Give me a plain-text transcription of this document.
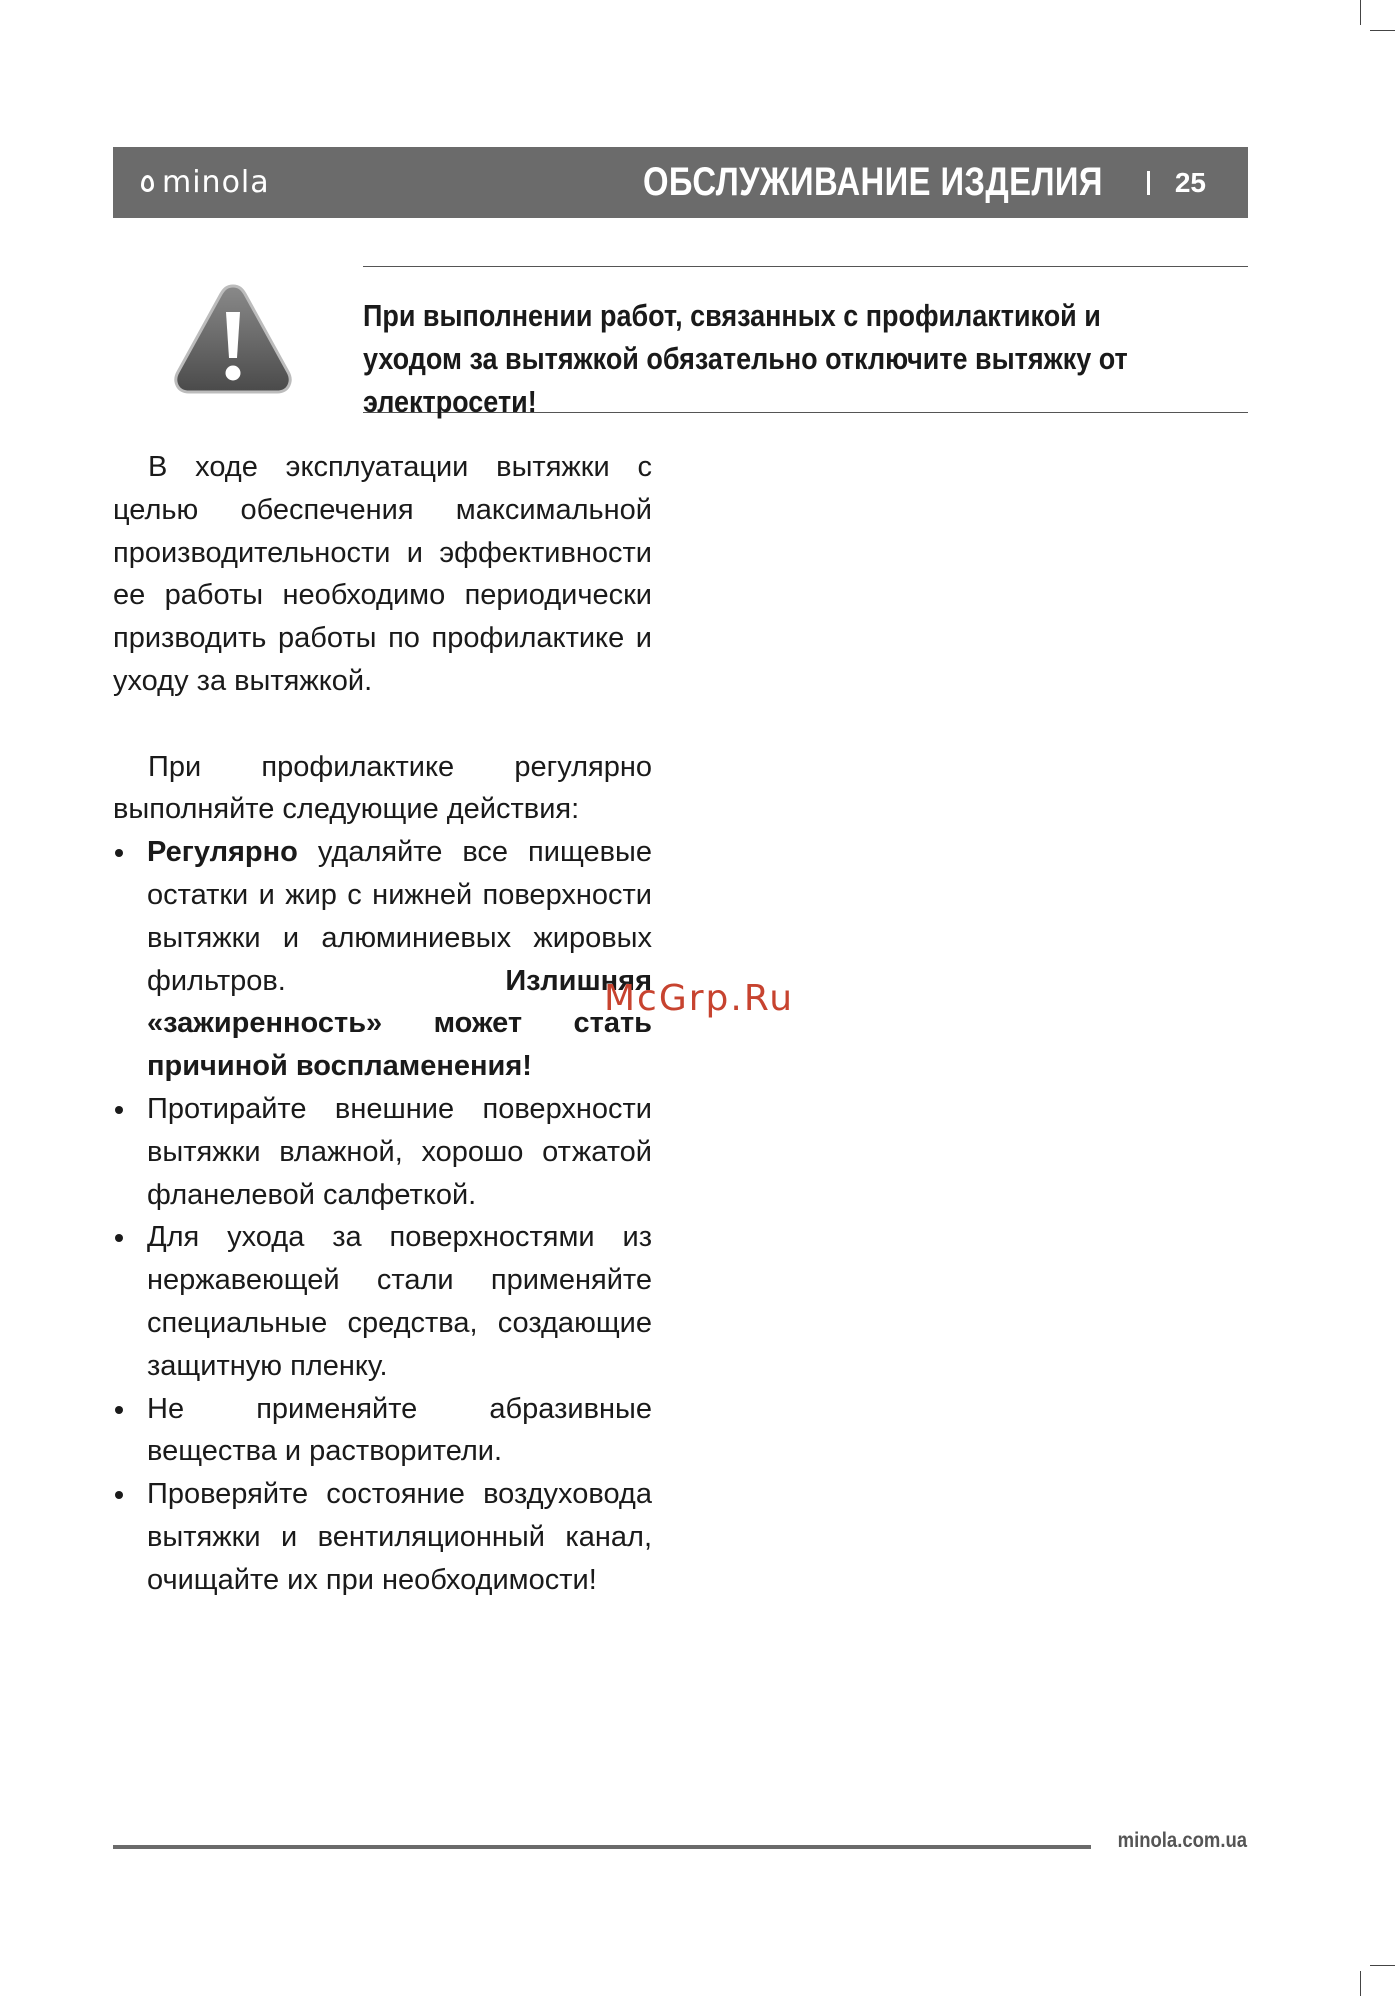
minola	ОБСЛУЖИВАНИЕ ИЗДЕЛИЯ	25
При выполнении работ, связанных с профилактикой и уходом за вытяжкой обязательно отключите вытяжку от электросети!

В ходе эксплуатации вытяжки с целью обеспечения максимальной производительности и эффективности ее работы необходимо периодически призводить работы по профилактике и уходу за вытяжкой.

При профилактике регулярно выполняйте следующие действия:

Регулярно удаляйте все пищевые остатки и жир с нижней поверхности вытяжки и алюминиевых жировых фильтров. Излишняя «зажиренность» может стать причиной воспламенения!
Протирайте внешние поверхности вытяжки влажной, хорошо отжатой фланелевой салфеткой.
Для ухода за поверхностями из нержавеющей стали применяйте специальные средства, создающие защитную пленку.
Не применяйте абразивные вещества и растворители.
Проверяйте состояние воздуховода вытяжки и вентиляционный канал, очищайте их при необходимости!
McGrp.Ru
minola.com.ua
